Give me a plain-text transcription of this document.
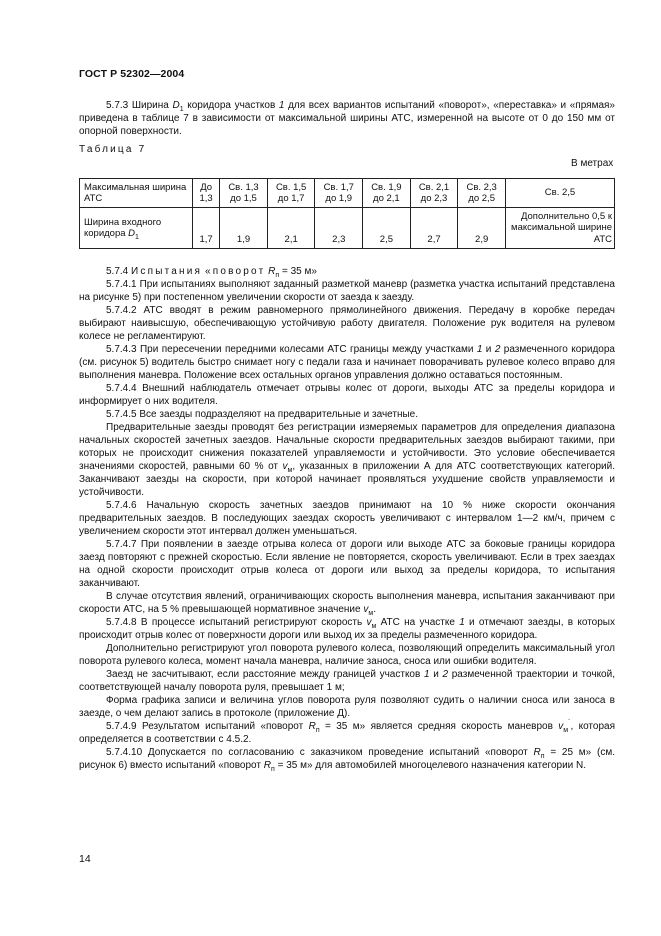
ГОСТ Р 52302—2004
5.7.3 Ширина $D_1$ коридора участков 1 для всех вариантов испытаний «поворот», «переставка» и «прямая» приведена в таблице 7 в зависимости от максимальной ширины АТС, измеренной на высоте от 0 до 150 мм от опорной поверхности.
Таблица 7
В метрах
Максимальная ширина АТС	До 1,3	Св. 1,3 до 1,5	Св. 1,5 до 1,7	Св. 1,7 до 1,9	Св. 1,9 до 2,1	Св. 2,1 до 2,3	Св. 2,3 до 2,5	Св. 2,5
Ширина входного коридора $D_1$	1,7	1,9	2,1	2,3	2,5	2,7	2,9	Дополнительно 0,5 к максимальной ширине АТС

5.7.4 Испытания «поворот $R_п = 35$ м»

5.7.4.1 При испытаниях выполняют заданный разметкой маневр (разметка участка испытаний представлена на рисунке 5) при постепенном увеличении скорости от заезда к заезду.

5.7.4.2 АТС вводят в режим равномерного прямолинейного движения. Передачу в коробке передач выбирают наивысшую, обеспечивающую устойчивую работу двигателя. Положение рук водителя на рулевом колесе не регламентируют.

5.7.4.3 При пересечении передними колесами АТС границы между участками 1 и 2 размеченного коридора (см. рисунок 5) водитель быстро снимает ногу с педали газа и начинает поворачивать рулевое колесо вправо для выполнения маневра. Положение всех остальных органов управления должно оставаться постоянным.

5.7.4.4 Внешний наблюдатель отмечает отрывы колес от дороги, выходы АТС за пределы коридора и информирует о них водителя.

5.7.4.5 Все заезды подразделяют на предварительные и зачетные.

Предварительные заезды проводят без регистрации измеряемых параметров для определения диапазона начальных скоростей зачетных заездов. Начальные скорости предварительных заездов выбирают такими, при которых не происходит снижения показателей управляемости и устойчивости. Это условие обеспечивается значениями скоростей, равными 60 % от $v_м$, указанных в приложении А для АТС соответствующих категорий. Заканчивают заезды на скорости, при которой начинает проявляться ухудшение свойств управляемости и устойчивости.

5.7.4.6 Начальную скорость зачетных заездов принимают на 10 % ниже скорости окончания предварительных заездов. В последующих заездах скорость увеличивают с интервалом 1—2 км/ч, причем с увеличением скорости этот интервал должен уменьшаться.

5.7.4.7 При появлении в заезде отрыва колеса от дороги или выходе АТС за боковые границы коридора заезд повторяют с прежней скоростью. Если явление не повторяется, скорость увеличивают. Если в трех заездах на одной скорости происходит отрыв колеса от дороги или выход за пределы коридора, то испытания заканчивают.

В случае отсутствия явлений, ограничивающих скорость выполнения маневра, испытания заканчивают при скорости АТС, на 5 % превышающей нормативное значение $v_м$.

5.7.4.8 В процессе испытаний регистрируют скорость $v_м$ АТС на участке 1 и отмечают заезды, в которых происходит отрыв колес от поверхности дороги или выход их за пределы размеченного коридора.

Дополнительно регистрируют угол поворота рулевого колеса, позволяющий определить максимальный угол поворота рулевого колеса, момент начала маневра, наличие заноса, сноса или ошибки водителя.

Заезд не засчитывают, если расстояние между границей участков 1 и 2 размеченной траектории и точкой, соответствующей началу поворота руля, превышает 1 м;

Форма графика записи и величина углов поворота руля позволяют судить о наличии сноса или заноса в заезде, о чем делают запись в протоколе (приложение Д).

5.7.4.9 Результатом испытаний «поворот $R_п = 35$ м» является средняя скорость маневров $v_м^´$, которая определяется в соответствии с 4.5.2.

5.7.4.10 Допускается по согласованию с заказчиком проведение испытаний «поворот $R_п = 25$ м» (см. рисунок 6) вместо испытаний «поворот $R_п = 35$ м» для автомобилей многоцелевого назначения категории N.

14
